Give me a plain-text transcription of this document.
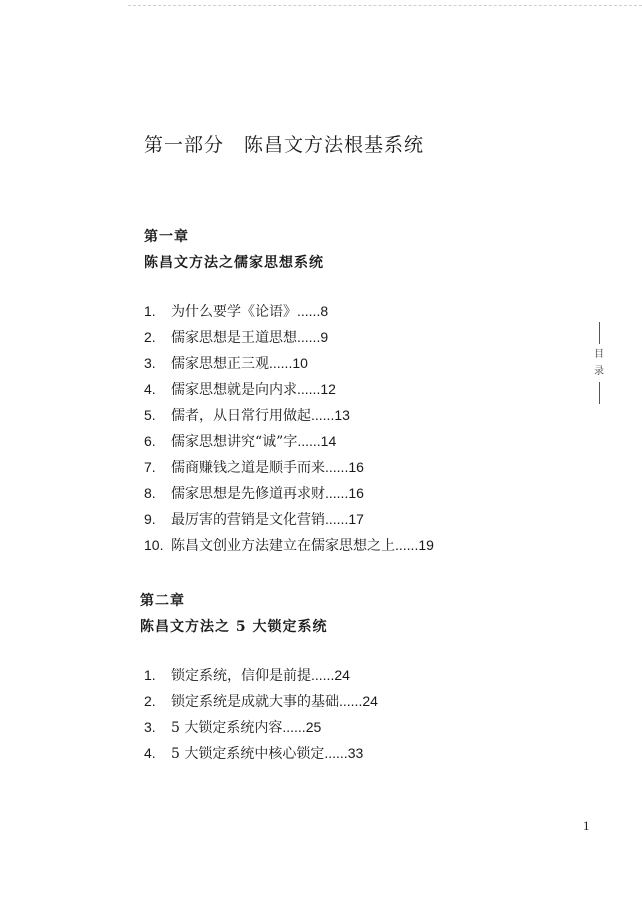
第一部分 陈昌文方法根基系统
第一章
陈昌文方法之儒家思想系统
1. 为什么要学《论语》......8
2. 儒家思想是王道思想......9
3. 儒家思想正三观......10
4. 儒家思想就是向内求......12
5. 儒者，从日常行用做起......13
6. 儒家思想讲究“诚”字......14
7. 儒商赚钱之道是顺手而来......16
8. 儒家思想是先修道再求财......16
9. 最厉害的营销是文化营销......17
10. 陈昌文创业方法建立在儒家思想之上......19
第二章
陈昌文方法之 5 大锁定系统
1. 锁定系统，信仰是前提......24
2. 锁定系统是成就大事的基础......24
3. 5 大锁定系统内容......25
4. 5 大锁定系统中核心锁定......33
目
录
1
